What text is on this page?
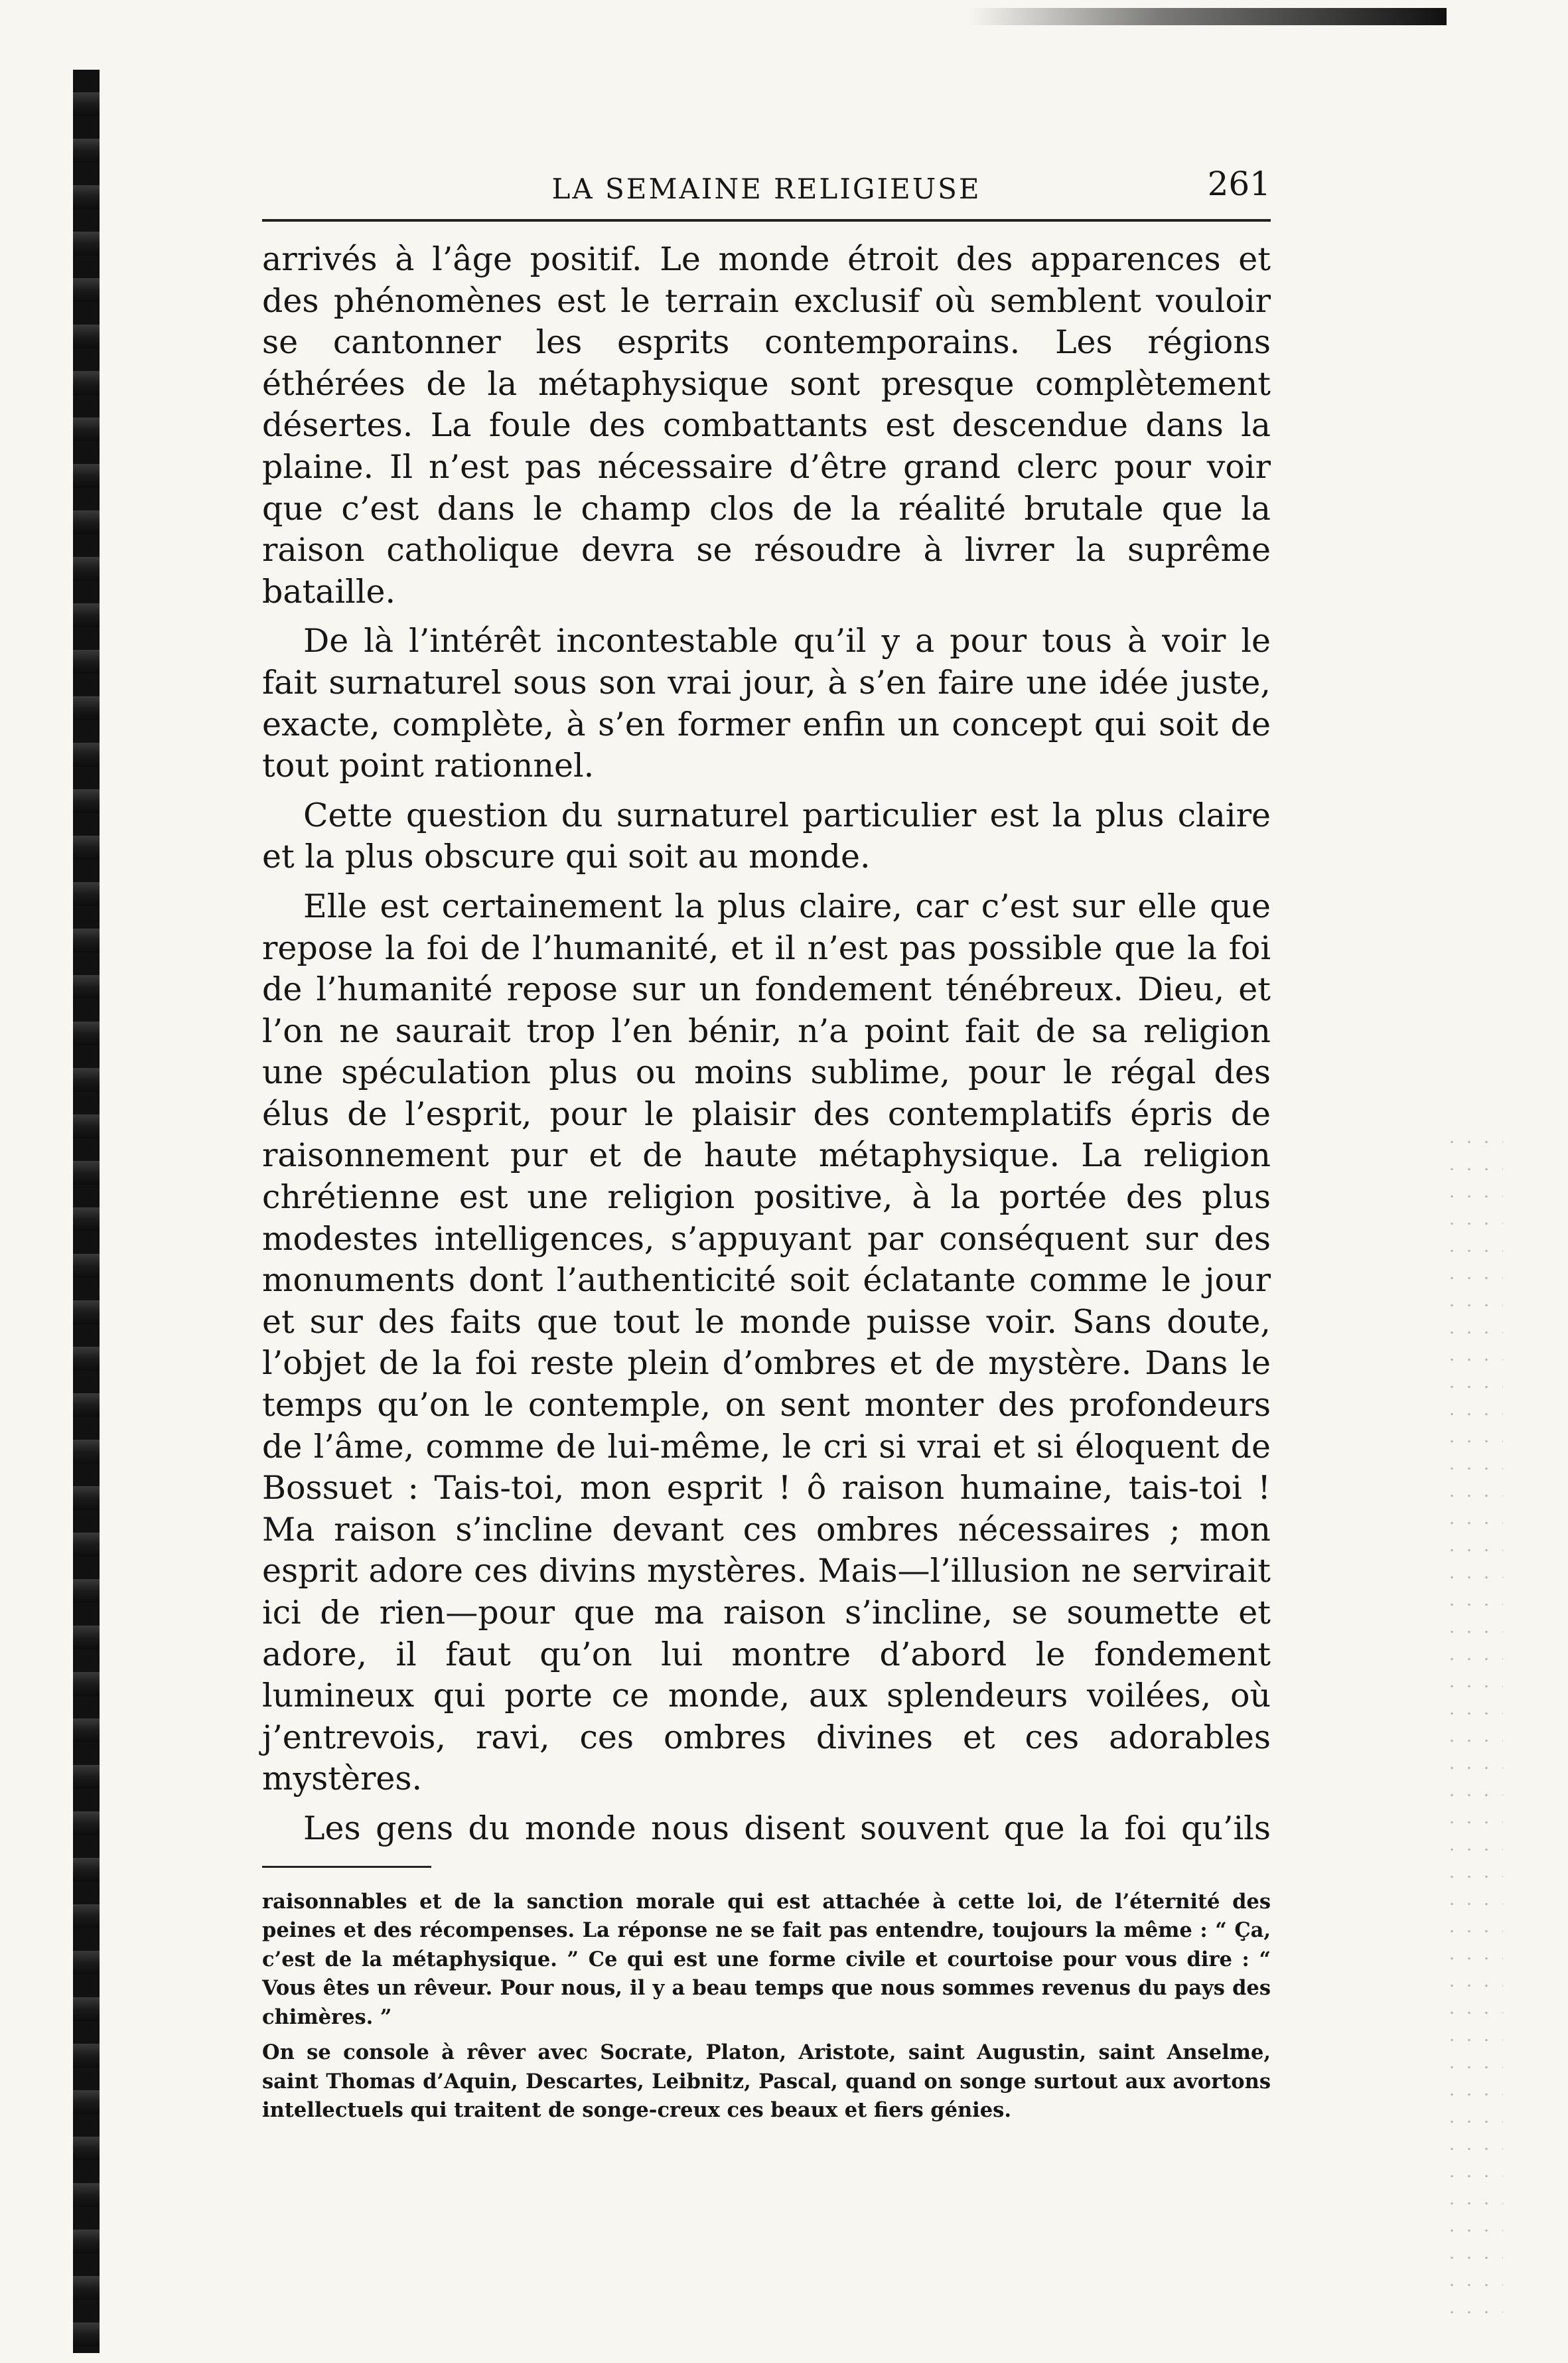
LA SEMAINE RELIGIEUSE	261

arrivés à l’âge positif. Le monde étroit des apparences et des phénomènes est le terrain exclusif où semblent vouloir se cantonner les esprits contemporains. Les régions éthérées de la métaphysique sont presque complètement désertes. La foule des combattants est descendue dans la plaine. Il n’est pas nécessaire d’être grand clerc pour voir que c’est dans le champ clos de la réalité brutale que la raison catholique devra se résoudre à livrer la suprême bataille.

De là l’intérêt incontestable qu’il y a pour tous à voir le fait surnaturel sous son vrai jour, à s’en faire une idée juste, exacte, complète, à s’en former enfin un concept qui soit de tout point rationnel.

Cette question du surnaturel particulier est la plus claire et la plus obscure qui soit au monde.

Elle est certainement la plus claire, car c’est sur elle que repose la foi de l’humanité, et il n’est pas possible que la foi de l’humanité repose sur un fondement ténébreux. Dieu, et l’on ne saurait trop l’en bénir, n’a point fait de sa religion une spéculation plus ou moins sublime, pour le régal des élus de l’esprit, pour le plaisir des contemplatifs épris de raisonnement pur et de haute métaphysique. La religion chrétienne est une religion positive, à la portée des plus modestes intelligences, s’appuyant par conséquent sur des monuments dont l’authenticité soit éclatante comme le jour et sur des faits que tout le monde puisse voir. Sans doute, l’objet de la foi reste plein d’ombres et de mystère. Dans le temps qu’on le contemple, on sent monter des profondeurs de l’âme, comme de lui-même, le cri si vrai et si éloquent de Bossuet : Tais-toi, mon esprit ! ô raison humaine, tais-toi ! Ma raison s’incline devant ces ombres nécessaires ; mon esprit adore ces divins mystères. Mais—l’illusion ne servirait ici de rien—pour que ma raison s’incline, se soumette et adore, il faut qu’on lui montre d’abord le fondement lumineux qui porte ce monde, aux splendeurs voilées, où j’entrevois, ravi, ces ombres divines et ces adorables mystères.

Les gens du monde nous disent souvent que la foi qu’ils

raisonnables et de la sanction morale qui est attachée à cette loi, de l’éternité des peines et des récompenses. La réponse ne se fait pas entendre, toujours la même : “ Ça, c’est de la métaphysique. ” Ce qui est une forme civile et courtoise pour vous dire : “ Vous êtes un rêveur. Pour nous, il y a beau temps que nous sommes revenus du pays des chimères. ”

On se console à rêver avec Socrate, Platon, Aristote, saint Augustin, saint Anselme, saint Thomas d’Aquin, Descartes, Leibnitz, Pascal, quand on songe surtout aux avortons intellectuels qui traitent de songe-creux ces beaux et fiers génies.
